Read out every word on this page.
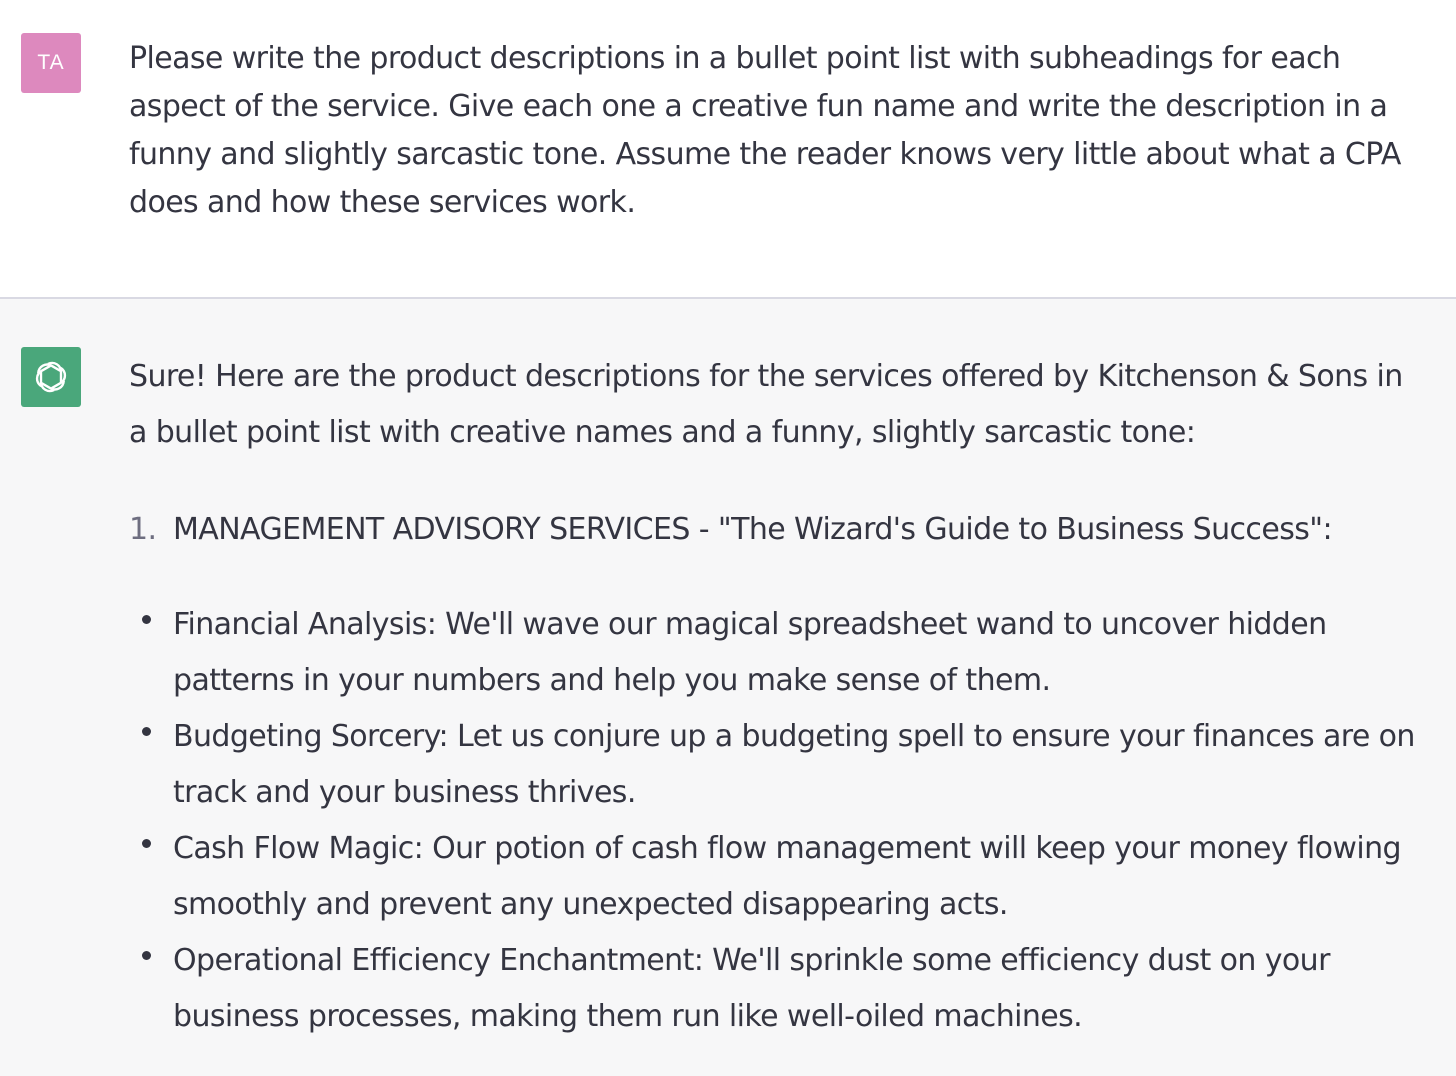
TA	Please write the product descriptions in a bullet point list with subheadings for each aspect of the service. Give each one a creative fun name and write the description in a funny and slightly sarcastic tone. Assume the reader knows very little about what a CPA does and how these services work.
Sure! Here are the product descriptions for the services offered by Kitchenson & Sons in a bullet point list with creative names and a funny, slightly sarcastic tone:
1. MANAGEMENT ADVISORY SERVICES - "The Wizard's Guide to Business Success":
Financial Analysis: We'll wave our magical spreadsheet wand to uncover hidden patterns in your numbers and help you make sense of them.
Budgeting Sorcery: Let us conjure up a budgeting spell to ensure your finances are on track and your business thrives.
Cash Flow Magic: Our potion of cash flow management will keep your money flowing smoothly and prevent any unexpected disappearing acts.
Operational Efficiency Enchantment: We'll sprinkle some efficiency dust on your business processes, making them run like well-oiled machines.
